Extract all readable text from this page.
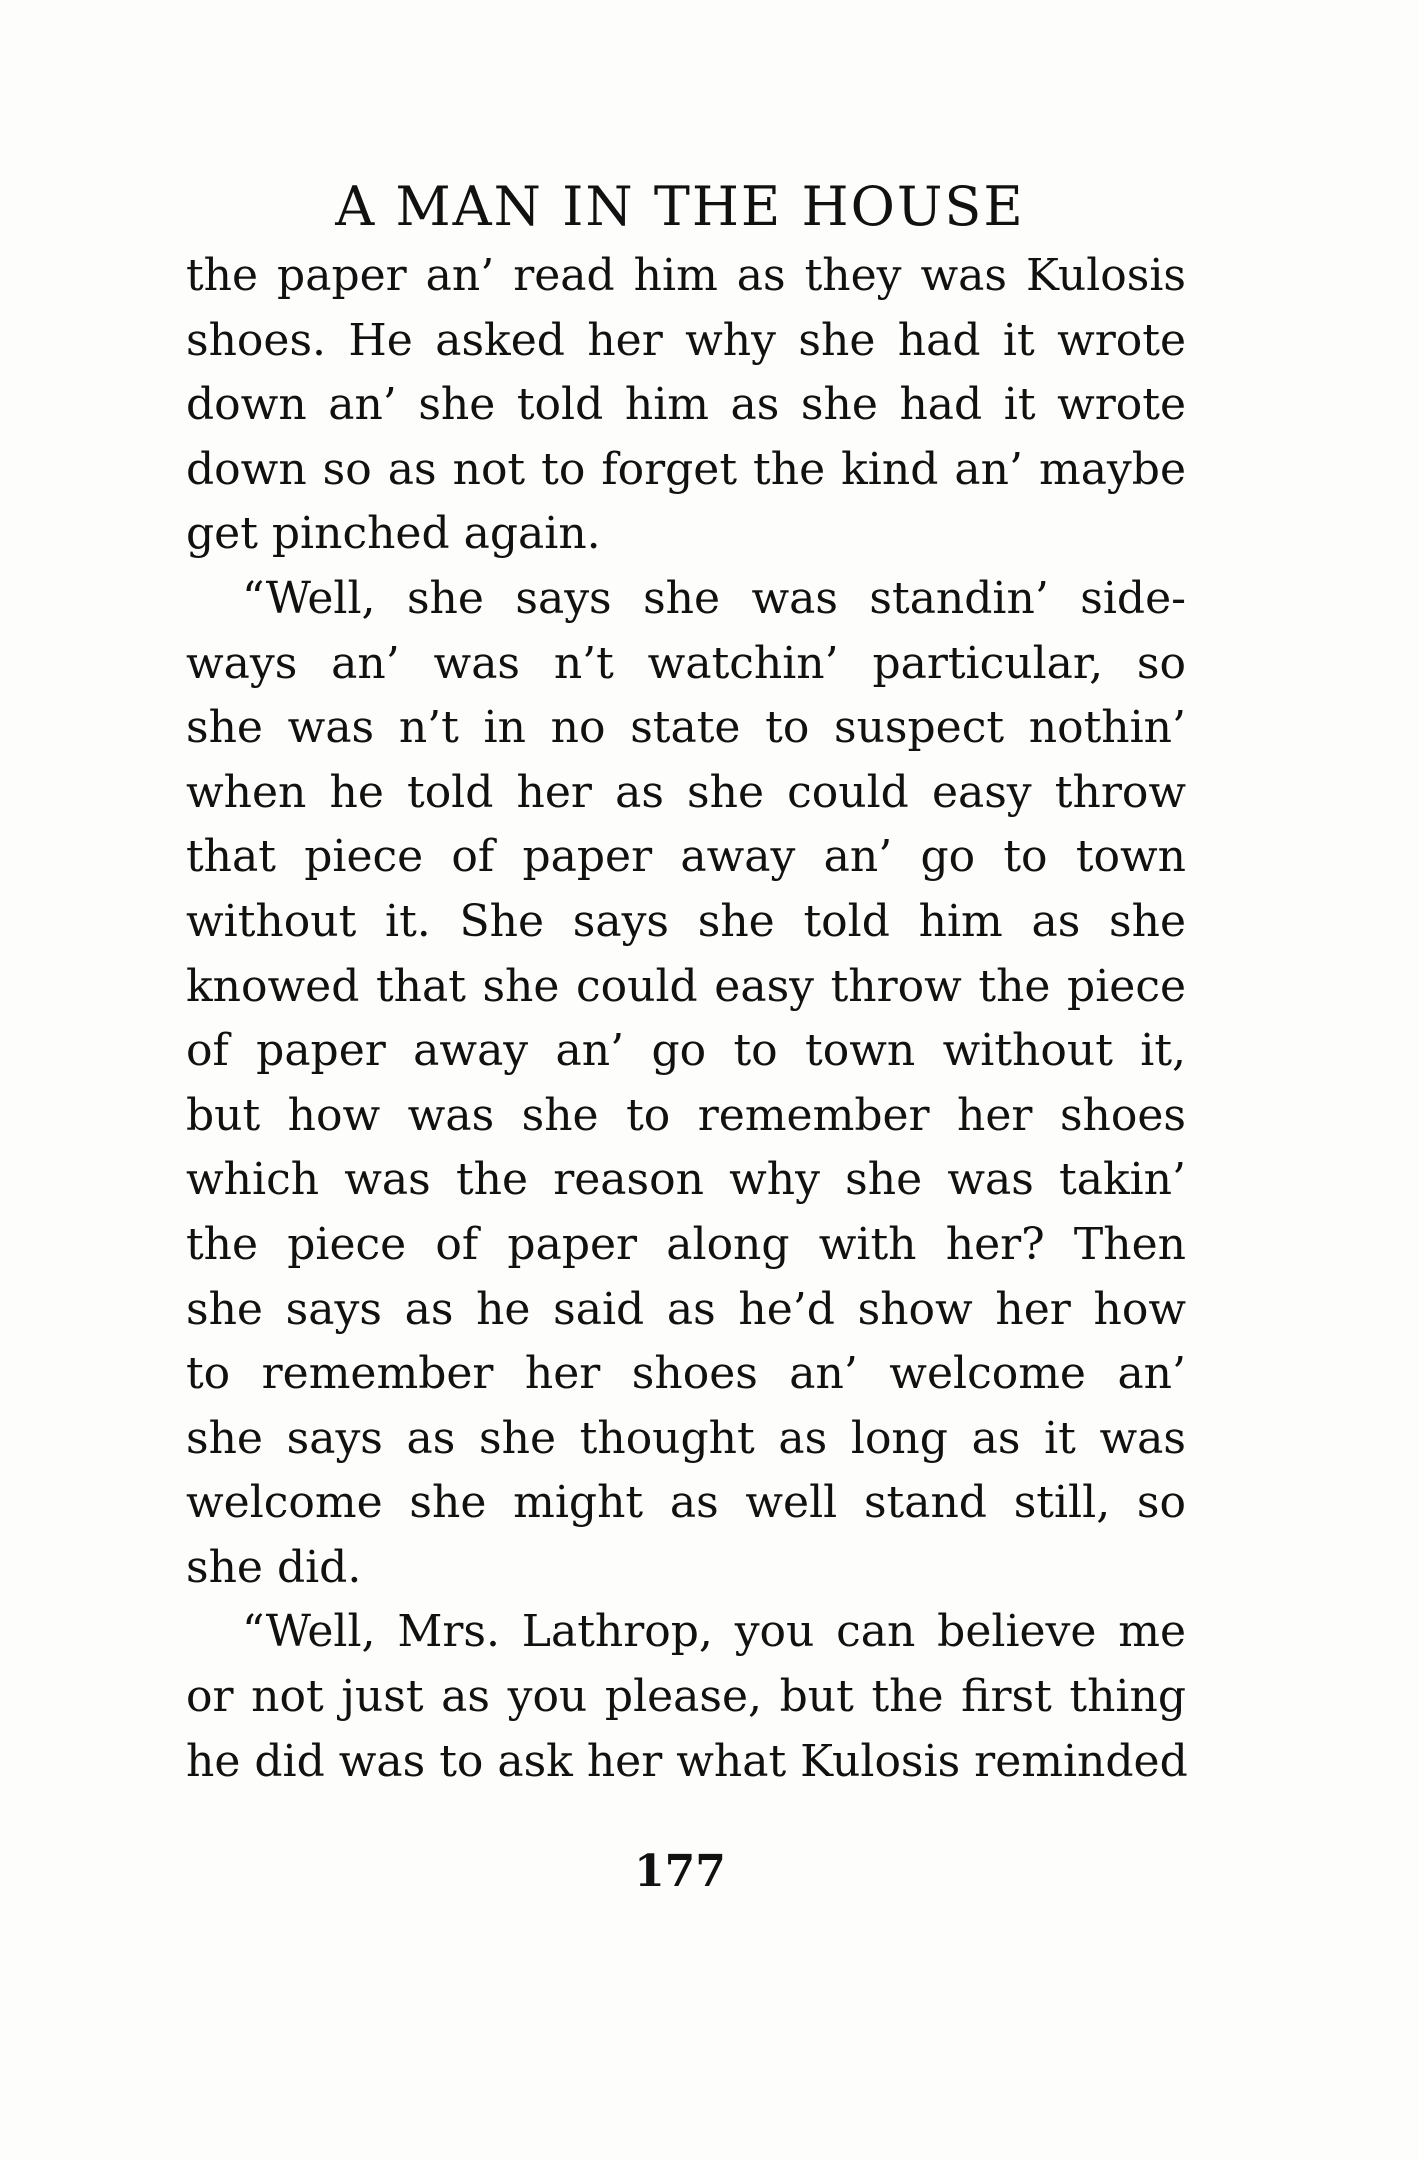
A MAN IN THE HOUSE
the paper an’ read him as they was Kulosis
shoes. He asked her why she had it wrote
down an’ she told him as she had it wrote
down so as not to forget the kind an’ maybe
get pinched again.
“Well, she says she was standin’ side-
ways an’ was n’t watchin’ particular, so
she was n’t in no state to suspect nothin’
when he told her as she could easy throw
that piece of paper away an’ go to town
without it. She says she told him as she
knowed that she could easy throw the piece
of paper away an’ go to town without it,
but how was she to remember her shoes
which was the reason why she was takin’
the piece of paper along with her? Then
she says as he said as he’d show her how
to remember her shoes an’ welcome an’
she says as she thought as long as it was
welcome she might as well stand still, so
she did.
“Well, Mrs. Lathrop, you can believe me
or not just as you please, but the first thing
he did was to ask her what Kulosis reminded
177
